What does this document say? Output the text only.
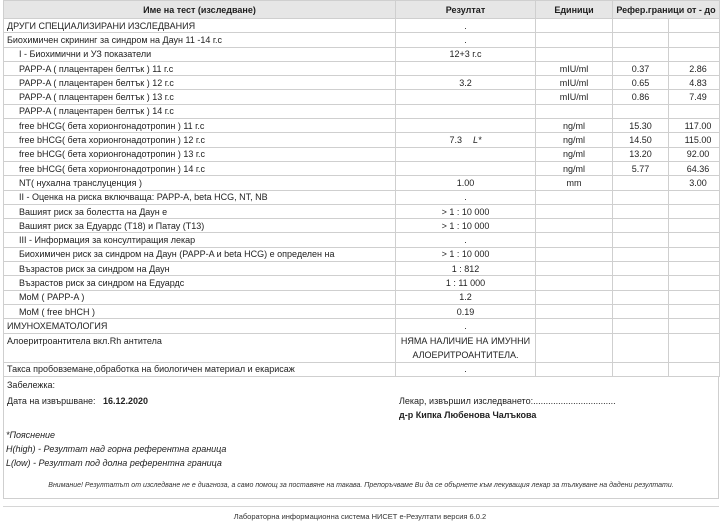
Име на тест (изследване)	Резултат	Единици	Рефер.граници от - до	
ДРУГИ СПЕЦИАЛИЗИРАНИ ИЗСЛЕДВАНИЯ	.			
Биохимичен скрининг за синдром на Даун 11 -14 г.с	.			
I - Биохимични и УЗ показатели	12+3 г.с			
PAPP-A ( плацентарен белтък ) 11 г.с		mIU/ml	0.37	2.86
PAPP-A ( плацентарен белтък ) 12 г.с	3.2	mIU/ml	0.65	4.83
PAPP-A ( плацентарен белтък ) 13 г.с		mIU/ml	0.86	7.49
PAPP-A ( плацентарен белтък ) 14 г.с				
free bHCG( бета хорионгонадотропин ) 11 г.с		ng/ml	15.30	117.00
free bHCG( бета хорионгонадотропин ) 12 г.с	7.3 L*	ng/ml	14.50	115.00
free bHCG( бета хорионгонадотропин ) 13 г.с		ng/ml	13.20	92.00
free bHCG( бета хорионгонадотропин ) 14 г.с		ng/ml	5.77	64.36
NT( нухална транслуценция )	1.00	mm		3.00
II - Оценка на риска включваща: PAPP-A, beta HCG, NT, NB	.			
Вашият риск за болестта на Даун е	> 1 : 10 000			
Вашият риск за Едуардс (T18) и Патау (T13)	> 1 : 10 000			
III - Информация за консултиращия лекар	.			
Биохимичен риск за синдром на Даун (PAPP-A и beta HCG) е определен на	> 1 : 10 000			
Възрастов риск за синдром на Даун	1 : 812			
Възрастов риск за синдром на Едуардс	1 : 11 000			
MoM ( PAPP-A )	1.2			
MoM ( free bHCH )	0.19			
ИМУНОХЕМАТОЛОГИЯ	.			
Алоеритроантитела вкл.Rh антитела	НЯМА НАЛИЧИЕ НА ИМУННИ АЛОЕРИТРОАНТИТЕЛА.			
Такса пробовземане,обработка на биологичен материал и екарисаж	.			
Забележка:
Дата на извършване: 16.12.2020	Лекар, извършил изследването:.................................
д-р Кипка Любенова Чалъкова
*Пояснение
H(high) - Резултат над горна референтна граница
L(low) - Резултат под долна референтна граница
Внимание! Резултатът от изследване не е диагноза, а само помощ за поставяне на такава. Препоръчваме Ви да се обърнете към лекуващия лекар за тълкуване на дадени резултати.
Лабораторна информационна система НИСЕТ е-Резултати версия 6.0.2
